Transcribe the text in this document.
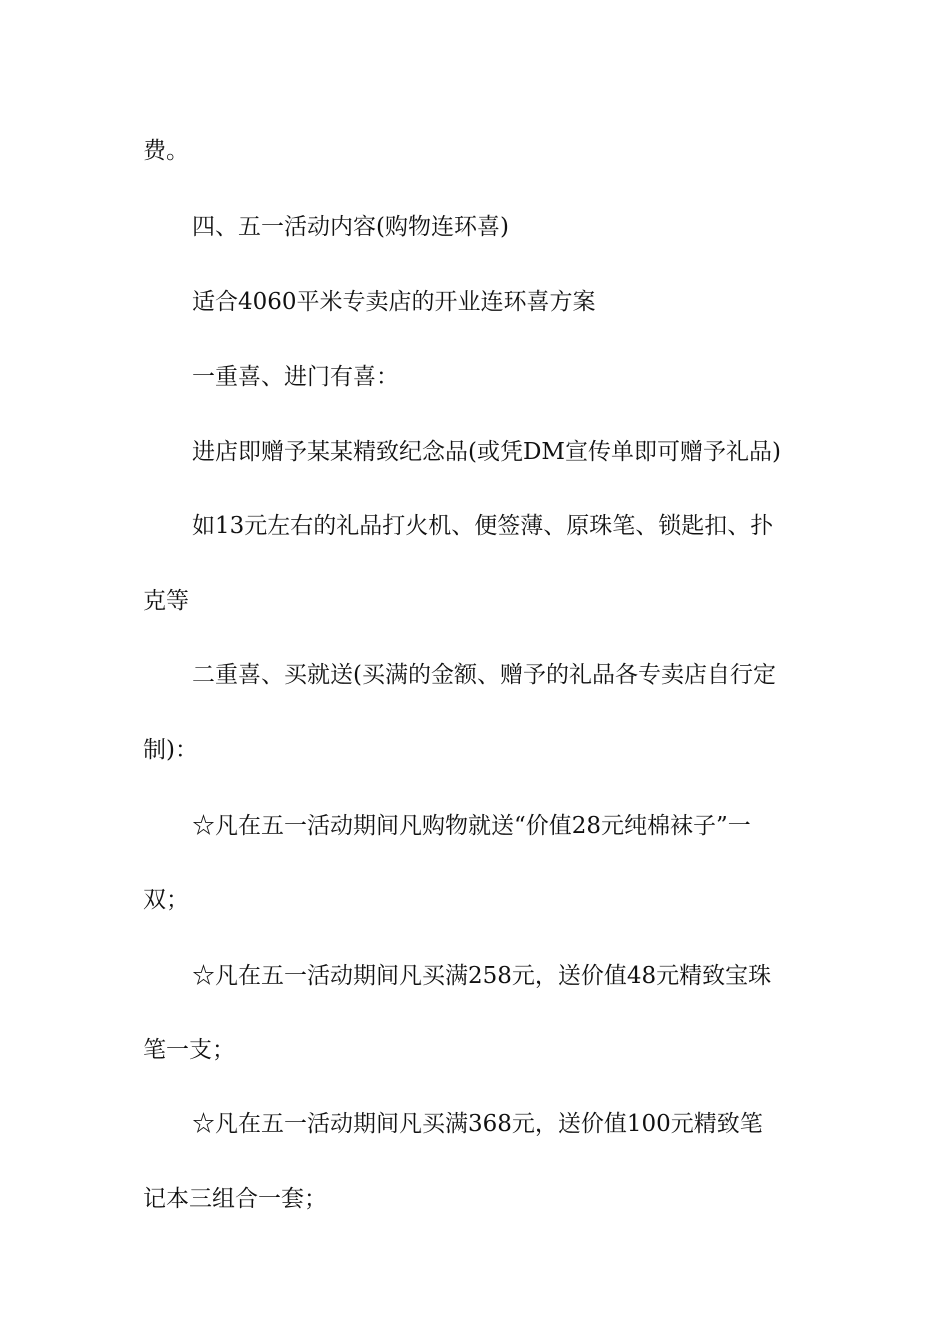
费。

四、五一活动内容(购物连环喜)

适合4060平米专卖店的开业连环喜方案

一重喜、进门有喜：

进店即赠予某某精致纪念品(或凭DM宣传单即可赠予礼品)

如13元左右的礼品打火机、便签薄、原珠笔、锁匙扣、扑

克等

二重喜、买就送(买满的金额、赠予的礼品各专卖店自行定

制)：

☆凡在五一活动期间凡购物就送“价值28元纯棉袜子”一

双；

☆凡在五一活动期间凡买满258元，送价值48元精致宝珠

笔一支；

☆凡在五一活动期间凡买满368元，送价值100元精致笔

记本三组合一套；
